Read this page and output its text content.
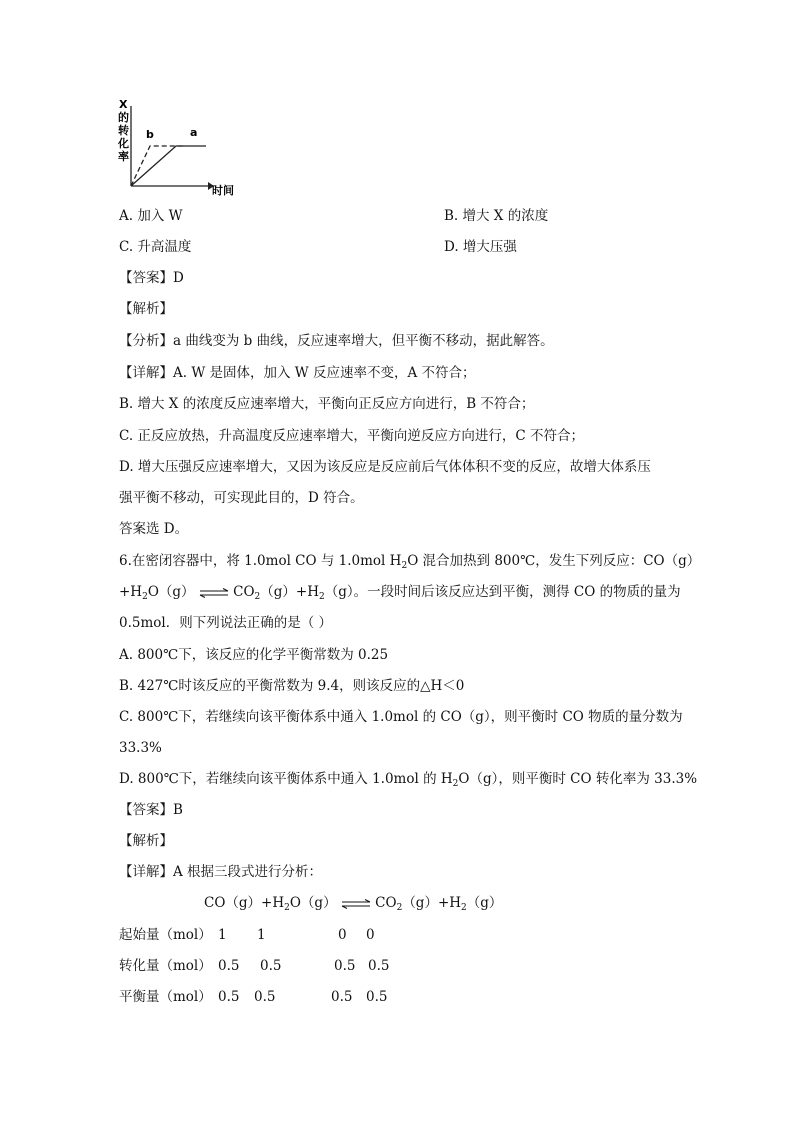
X
的
转
化
率
时间
b	a
A. 加入 W	B. 增大 X 的浓度
C. 升高温度	D. 增大压强
【答案】D
【解析】
【分析】a 曲线变为 b 曲线，反应速率增大，但平衡不移动，据此解答。
【详解】A. W 是固体，加入 W 反应速率不变，A 不符合；
B. 增大 X 的浓度反应速率增大，平衡向正反应方向进行，B 不符合；
C. 正反应放热，升高温度反应速率增大，平衡向逆反应方向进行，C 不符合；
D. 增大压强反应速率增大，又因为该反应是反应前后气体体积不变的反应，故增大体系压
强平衡不移动，可实现此目的，D 符合。
答案选 D。
6.在密闭容器中，将 1.0mol CO 与 1.0mol $H_2O$ 混合加热到 800℃，发生下列反应：CO（g）
$+H_2O(g)$ ⇌ $CO_2(g)+H_2(g)$。一段时间后该反应达到平衡，测得 CO 的物质的量为
0.5mol．则下列说法正确的是（ ）
A. 800℃下，该反应的化学平衡常数为 0.25
B. 427℃时该反应的平衡常数为 9.4，则该反应的△H＜0
C. 800℃下，若继续向该平衡体系中通入 1.0mol 的 CO（g），则平衡时 CO 物质的量分数为
33.3%
D. 800℃下，若继续向该平衡体系中通入 1.0mol 的 $H_2O(g)$，则平衡时 CO 转化率为 33.3%
【答案】B
【解析】
【详解】A 根据三段式进行分析：
$CO(g)+H_2O(g)$ ⇌ $CO_2(g)+H_2(g)$
起始量（mol） 1 1	0 0
转化量（mol） 0.5 0.5	0.5 0.5
平衡量（mol） 0.5 0.5	0.5 0.5
